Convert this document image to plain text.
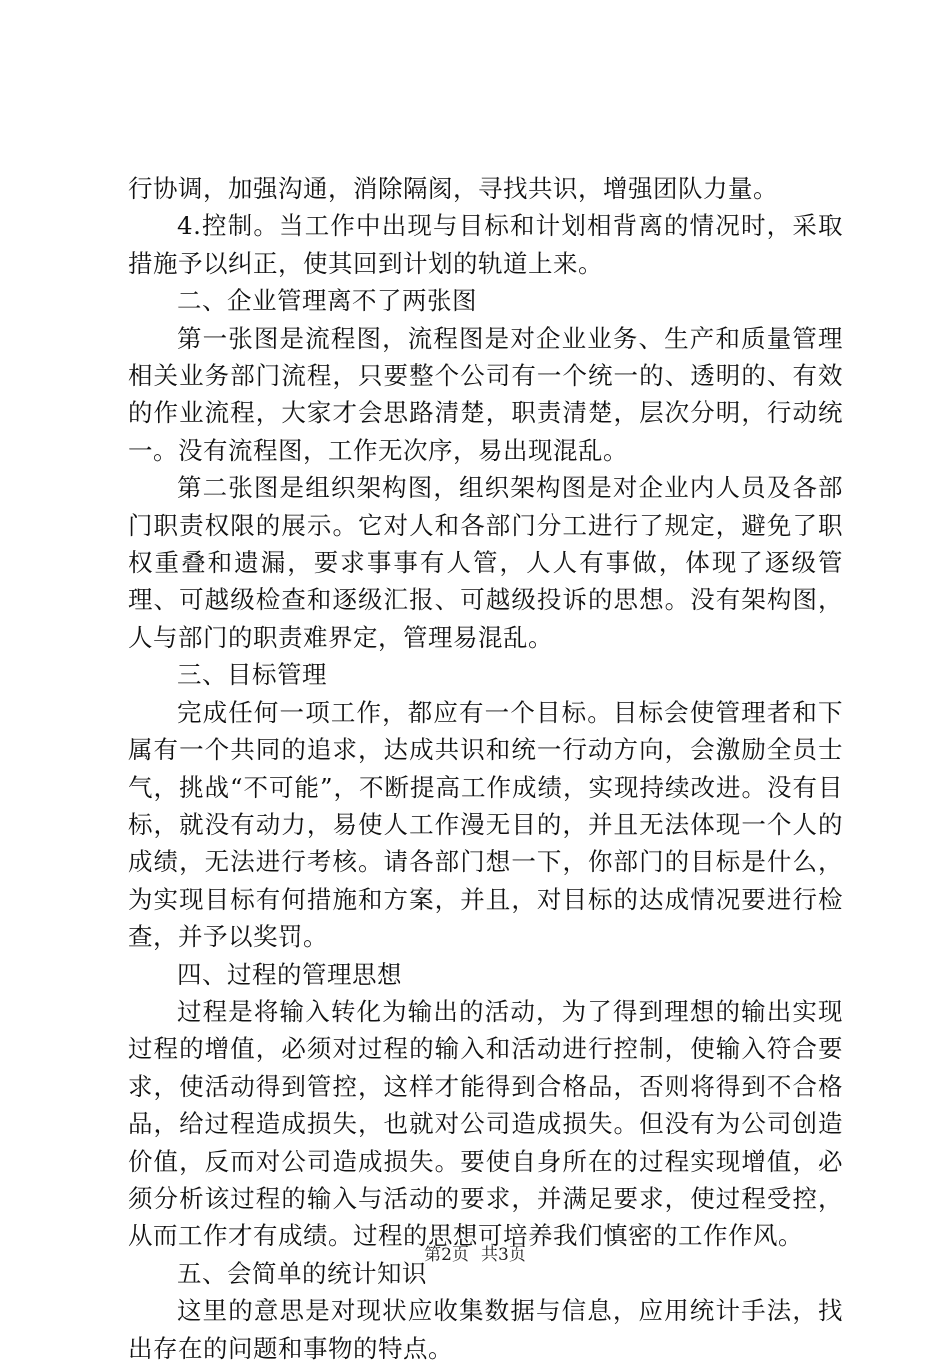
行协调，加强沟通，消除隔阂，寻找共识，增强团队力量。

4.控制。当工作中出现与目标和计划相背离的情况时，采取措施予以纠正，使其回到计划的轨道上来。

二、企业管理离不了两张图

第一张图是流程图，流程图是对企业业务、生产和质量管理相关业务部门流程，只要整个公司有一个统一的、透明的、有效的作业流程，大家才会思路清楚，职责清楚，层次分明，行动统一。没有流程图，工作无次序，易出现混乱。

第二张图是组织架构图，组织架构图是对企业内人员及各部门职责权限的展示。它对人和各部门分工进行了规定，避免了职权重叠和遗漏，要求事事有人管，人人有事做，体现了逐级管理、可越级检查和逐级汇报、可越级投诉的思想。没有架构图，人与部门的职责难界定，管理易混乱。

三、目标管理

完成任何一项工作，都应有一个目标。目标会使管理者和下属有一个共同的追求，达成共识和统一行动方向，会激励全员士气，挑战“不可能”，不断提高工作成绩，实现持续改进。没有目标，就没有动力，易使人工作漫无目的，并且无法体现一个人的成绩，无法进行考核。请各部门想一下，你部门的目标是什么，为实现目标有何措施和方案，并且，对目标的达成情况要进行检查，并予以奖罚。

四、过程的管理思想

过程是将输入转化为输出的活动，为了得到理想的输出实现过程的增值，必须对过程的输入和活动进行控制，使输入符合要求，使活动得到管控，这样才能得到合格品，否则将得到不合格品，给过程造成损失，也就对公司造成损失。但没有为公司创造价值，反而对公司造成损失。要使自身所在的过程实现增值，必须分析该过程的输入与活动的要求，并满足要求，使过程受控，从而工作才有成绩。过程的思想可培养我们慎密的工作作风。

五、会简单的统计知识

这里的意思是对现状应收集数据与信息，应用统计手法，找出存在的问题和事物的特点。

第2页 共3页
